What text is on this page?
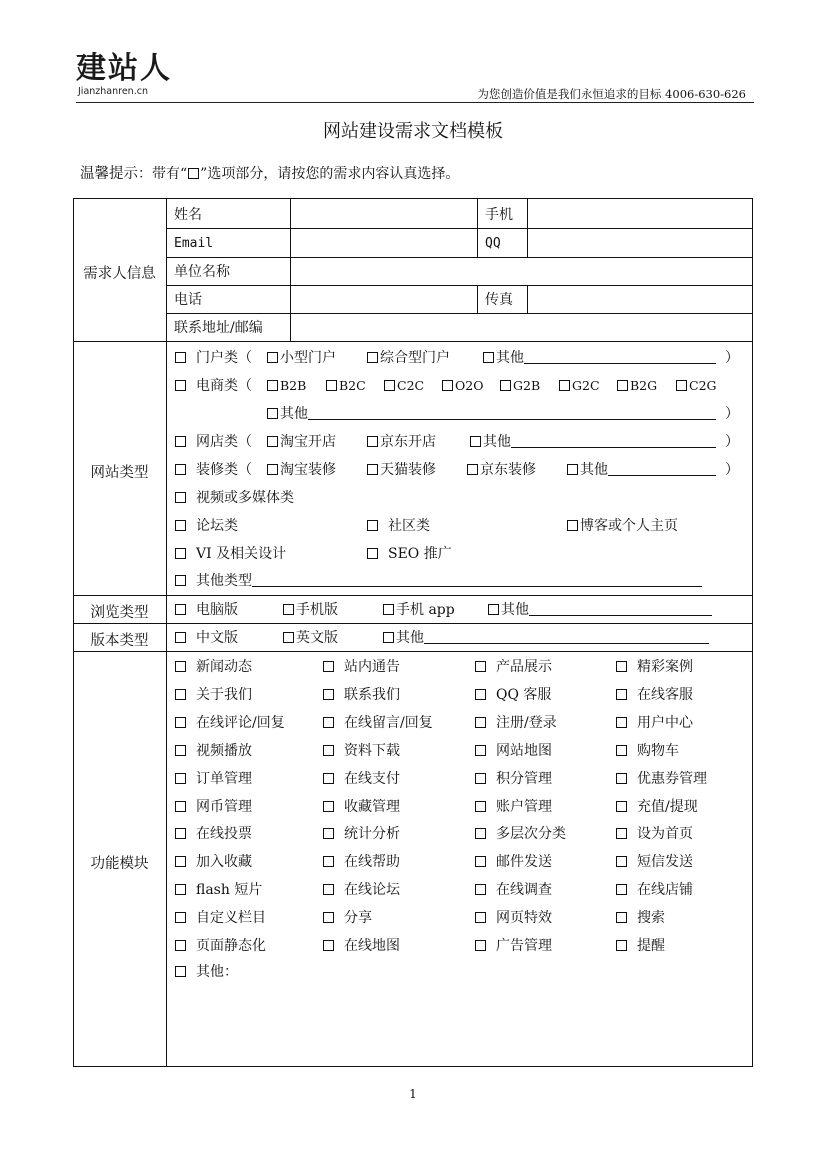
建站人
Jianzhanren.cn	为您创造价值是我们永恒追求的目标 4006-630-626
网站建设需求文档模板
温馨提示：带有“ ”选项部分，请按您的需求内容认真选择。
需求人信息
姓名	手机
Email	QQ
单位名称
电话	传真
联系地址/邮编
网站类型
门户类（	小型门户	综合型门户	其他	）
电商类（	B2B	B2C	C2C	O2O	G2B	G2C	B2G	C2G
其他	）
网店类（	淘宝开店	京东开店	其他	）
装修类（	淘宝装修	天猫装修	京东装修	其他	）
视频或多媒体类
论坛类	社区类	博客或个人主页
VI 及相关设计	SEO 推广
其他类型
浏览类型	电脑版	手机版	手机 app	其他
版本类型	中文版	英文版	其他
功能模块
新闻动态	站内通告	产品展示	精彩案例
关于我们	联系我们	QQ 客服	在线客服
在线评论/回复	在线留言/回复	注册/登录	用户中心
视频播放	资料下载	网站地图	购物车
订单管理	在线支付	积分管理	优惠券管理
网币管理	收藏管理	账户管理	充值/提现
在线投票	统计分析	多层次分类	设为首页
加入收藏	在线帮助	邮件发送	短信发送
flash 短片	在线论坛	在线调查	在线店铺
自定义栏目	分享	网页特效	搜索
页面静态化	在线地图	广告管理	提醒
其他：
1
